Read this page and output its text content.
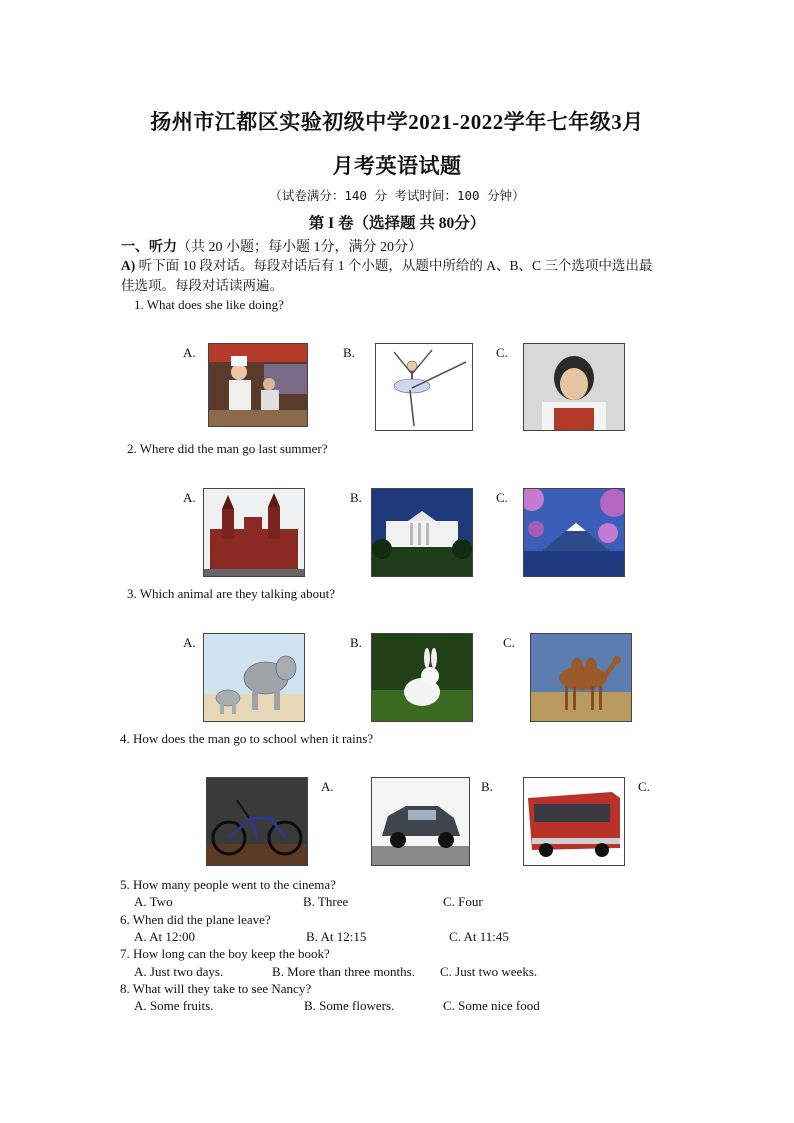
扬州市江都区实验初级中学2021-2022学年七年级3月
月考英语试题
（试卷满分：140 分 考试时间：100 分钟）
第 I 卷（选择题 共 80分）
一、听力（共 20 小题；每小题 1分，满分 20分）
A) 听下面 10 段对话。每段对话后有 1 个小题，从题中所给的 A、B、C 三个选项中选出最
佳选项。每段对话读两遍。
1. What does she like doing?
A.	B.	C.
2. Where did the man go last summer?
A.	B.	C.
3. Which animal are they talking about?
A.	B.	C.
4. How does the man go to school when it rains?
A.	B.	C.
5. How many people went to the cinema?
A. Two	B. Three	C. Four
6. When did the plane leave?
A. At 12:00	B. At 12:15	C. At 11:45
7. How long can the boy keep the book?
A. Just two days.	B. More than three months. C. Just two weeks.
8. What will they take to see Nancy?
A. Some fruits.	B. Some flowers.	C. Some nice food
